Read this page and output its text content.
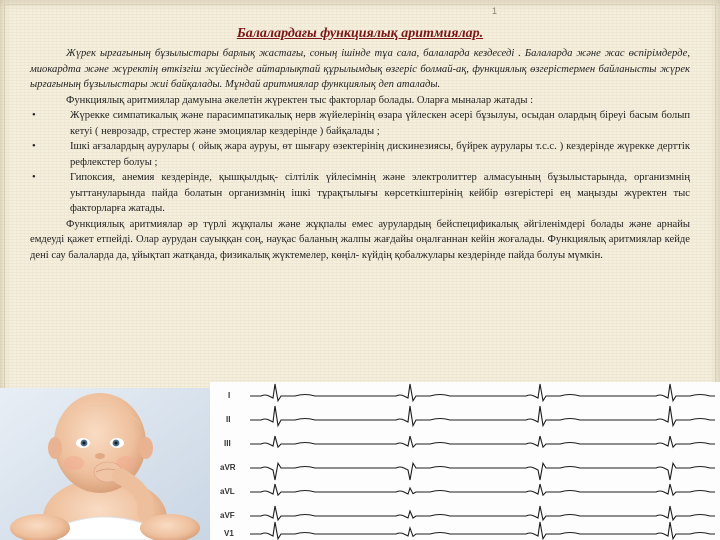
1
Балалардағы функциялық аритмиялар.

Жүрек ырғағының бұзылыстары барлық жастағы, соның ішінде тұа сала, балаларда кездеседі . Балаларда және жас өспірімдерде, миокардта және жүректің өткізгіш жүйесінде айтарлықтай құрылымдық өзгеріс болмай-ақ, функциялық өзгерістермен байланысты жүрек ырғағының бұзылыстары жиі байқалады. Мұндай аритмиялар функциялық деп аталады.

Функциялық аритмиялар дамуына әкелетін жүректен тыс факторлар болады. Оларға мыналар жатады :

•	Жүрекке симпатикалық және парасимпатикалық нерв жүйелерінің өзара үйлескен әсері бұзылуы, осыдан олардың біреуі басым болып кетуі ( неврозадр, стрестер және эмоциялар кездерінде ) байқалады ;

•	Ішкі ағзалардың аурулары ( ойық жара ауруы, өт шығару өзектерінің дискинезиясы, бүйрек аурулары т.с.с. ) кездерінде жүрекке дерттік рефлекстер болуы ;

•	Гипоксия, анемия кездерінде, қышқылдық- сілтілік үйлесімнің және электролиттер алмасуының бұзылыстарында, организмнің уыттануларында пайда болатын организмнің ішкі тұрақтылығы көрсеткіштерінің кейбір өзгерістері ең маңызды жүректен тыс факторларға жатады.

Функциялық аритмиялар әр түрлі жұқпалы және жұқпалы емес аурулардың бейспецификалық әйгіленімдері болады және арнайы емдеуді қажет етпейді. Олар аурудан сауыққан соң, науқас баланың жалпы жағдайы оңалғаннан кейін жоғалады. Функциялық аритмиялар кейде дені сау балаларда да, ұйықтап жатқанда, физикалық жүктемелер, көңіл- күйдің қобалжулары кездерінде пайда болуы мүмкін.

I
II
III
aVR
aVL
aVF
V1
